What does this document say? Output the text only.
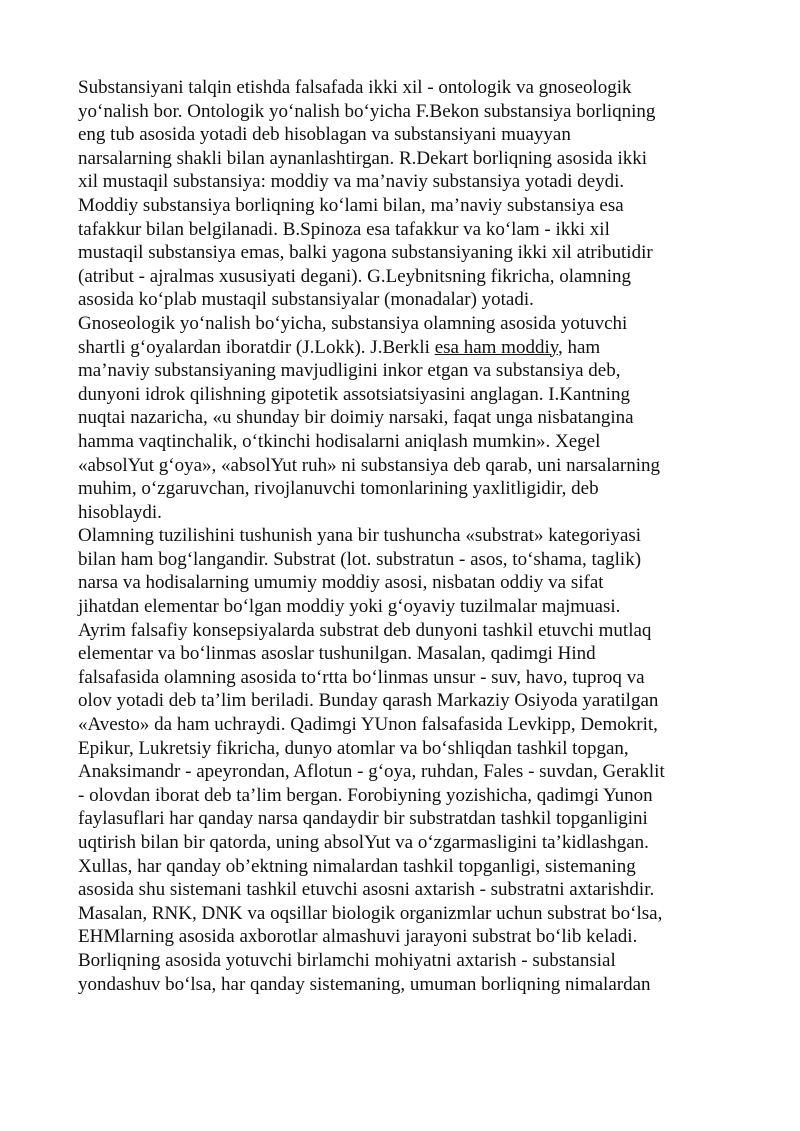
Substansiyani talqin etishda falsafada ikki xil - ontologik va gnoseologik
yo‘nalish bor. Ontologik yo‘nalish bo‘yicha F.Bekon substansiya borliqning
eng tub asosida yotadi deb hisoblagan va substansiyani muayyan
narsalarning shakli bilan aynanlashtirgan. R.Dekart borliqning asosida ikki
xil mustaqil substansiya: moddiy va ma’naviy substansiya yotadi deydi.
Moddiy substansiya borliqning ko‘lami bilan, ma’naviy substansiya esa
tafakkur bilan belgilanadi. B.Spinoza esa tafakkur va ko‘lam - ikki xil
mustaqil substansiya emas, balki yagona substansiyaning ikki xil atributidir
(atribut - ajralmas xususiyati degani). G.Leybnitsning fikricha, olamning
asosida ko‘plab mustaqil substansiyalar (monadalar) yotadi.
Gnoseologik yo‘nalish bo‘yicha, substansiya olamning asosida yotuvchi
shartli g‘oyalardan iboratdir (J.Lokk). J.Berkli esa ham moddiy, ham
ma’naviy substansiyaning mavjudligini inkor etgan va substansiya deb,
dunyoni idrok qilishning gipotetik assotsiatsiyasini anglagan. I.Kantning
nuqtai nazaricha, «u shunday bir doimiy narsaki, faqat unga nisbatangina
hamma vaqtinchalik, o‘tkinchi hodisalarni aniqlash mumkin». Xegel
«absolYut g‘oya», «absolYut ruh» ni substansiya deb qarab, uni narsalarning
muhim, o‘zgaruvchan, rivojlanuvchi tomonlarining yaxlitligidir, deb
hisoblaydi.
Olamning tuzilishini tushunish yana bir tushuncha «substrat» kategoriyasi
bilan ham bog‘langandir. Substrat (lot. substratun - asos, to‘shama, taglik)
narsa va hodisalarning umumiy moddiy asosi, nisbatan oddiy va sifat
jihatdan elementar bo‘lgan moddiy yoki g‘oyaviy tuzilmalar majmuasi.
Ayrim falsafiy konsepsiyalarda substrat deb dunyoni tashkil etuvchi mutlaq
elementar va bo‘linmas asoslar tushunilgan. Masalan, qadimgi Hind
falsafasida olamning asosida to‘rtta bo‘linmas unsur - suv, havo, tuproq va
olov yotadi deb ta’lim beriladi. Bunday qarash Markaziy Osiyoda yaratilgan
«Avesto» da ham uchraydi. Qadimgi YUnon falsafasida Levkipp, Demokrit,
Epikur, Lukretsiy fikricha, dunyo atomlar va bo‘shliqdan tashkil topgan,
Anaksimandr - apeyrondan, Aflotun - g‘oya, ruhdan, Fales - suvdan, Geraklit
- olovdan iborat deb ta’lim bergan. Forobiyning yozishicha, qadimgi Yunon
faylasuflari har qanday narsa qandaydir bir substratdan tashkil topganligini
uqtirish bilan bir qatorda, uning absolYut va o‘zgarmasligini ta’kidlashgan.
Xullas, har qanday ob’ektning nimalardan tashkil topganligi, sistemaning
asosida shu sistemani tashkil etuvchi asosni axtarish - substratni axtarishdir.
Masalan, RNK, DNK va oqsillar biologik organizmlar uchun substrat bo‘lsa,
EHMlarning asosida axborotlar almashuvi jarayoni substrat bo‘lib keladi.
Borliqning asosida yotuvchi birlamchi mohiyatni axtarish - substansial
yondashuv bo‘lsa, har qanday sistemaning, umuman borliqning nimalardan
